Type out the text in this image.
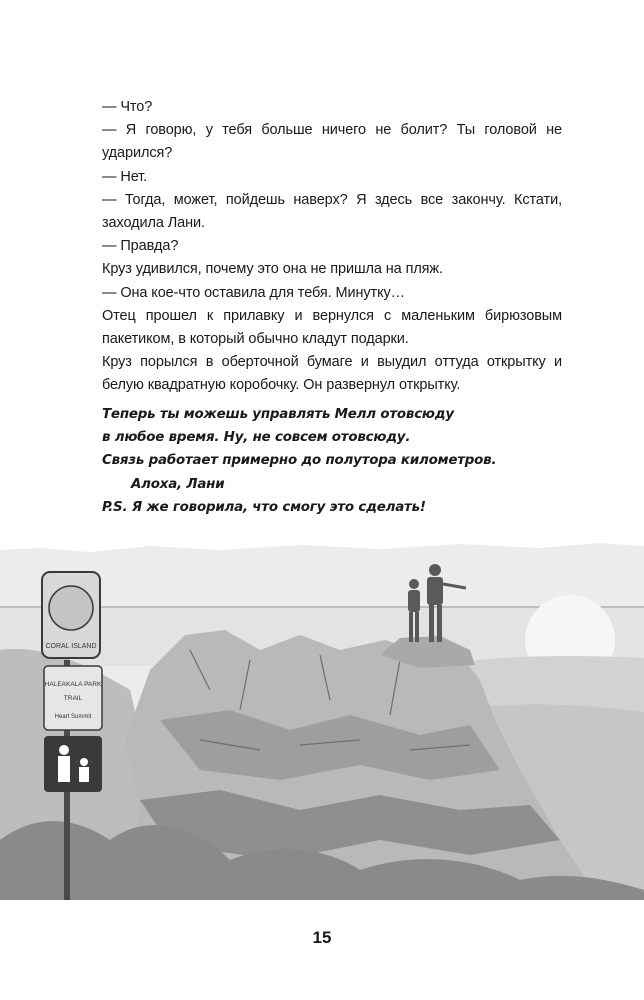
— Что?

— Я говорю, у тебя больше ничего не болит? Ты головой не ударился?

— Нет.

— Тогда, может, пойдешь наверх? Я здесь все закончу. Кстати, заходила Лани.

— Правда?

Круз удивился, почему это она не пришла на пляж.

— Она кое-что оставила для тебя. Минутку…

Отец прошел к прилавку и вернулся с маленьким бирюзовым пакетиком, в который обычно кладут подарки.

Круз порылся в оберточной бумаге и выудил оттуда открытку и белую квадратную коробочку. Он развернул открытку.

Теперь ты можешь управлять Мелл отовсюду

в любое время. Ну, не совсем отовсюду.

Связь работает примерно до полутора километров.

Алоха, Лани

P.S. Я же говорила, что смогу это сделать!

CORAL ISLAND
HALEAKALA PARK
TRAIL
Heart Summit
15
